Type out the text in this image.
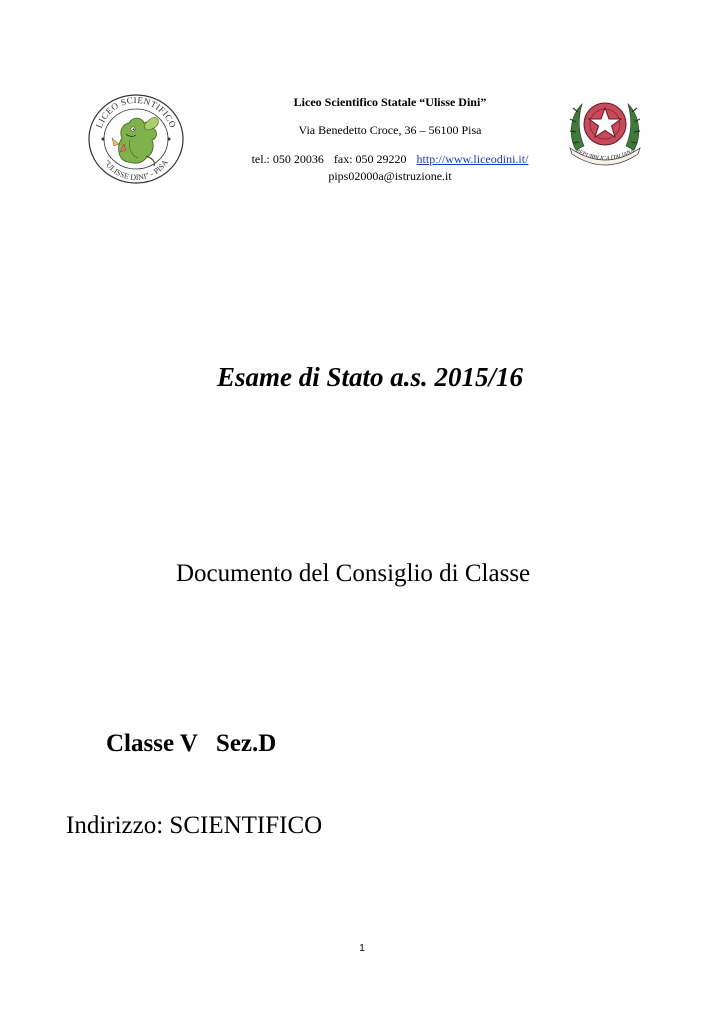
LICEO SCIENTIFICO
"ULISSE DINI" - PISA
Liceo Scientifico Statale “Ulisse Dini”
Via Benedetto Croce, 36 – 56100 Pisa
tel.: 050 20036 fax: 050 29220 http://www.liceodini.it/
pips02000a@istruzione.it
REPUBBLICA ITALIANA
Esame di Stato a.s. 2015/16
Documento del Consiglio di Classe
Classe V Sez.D
Indirizzo: SCIENTIFICO
1
